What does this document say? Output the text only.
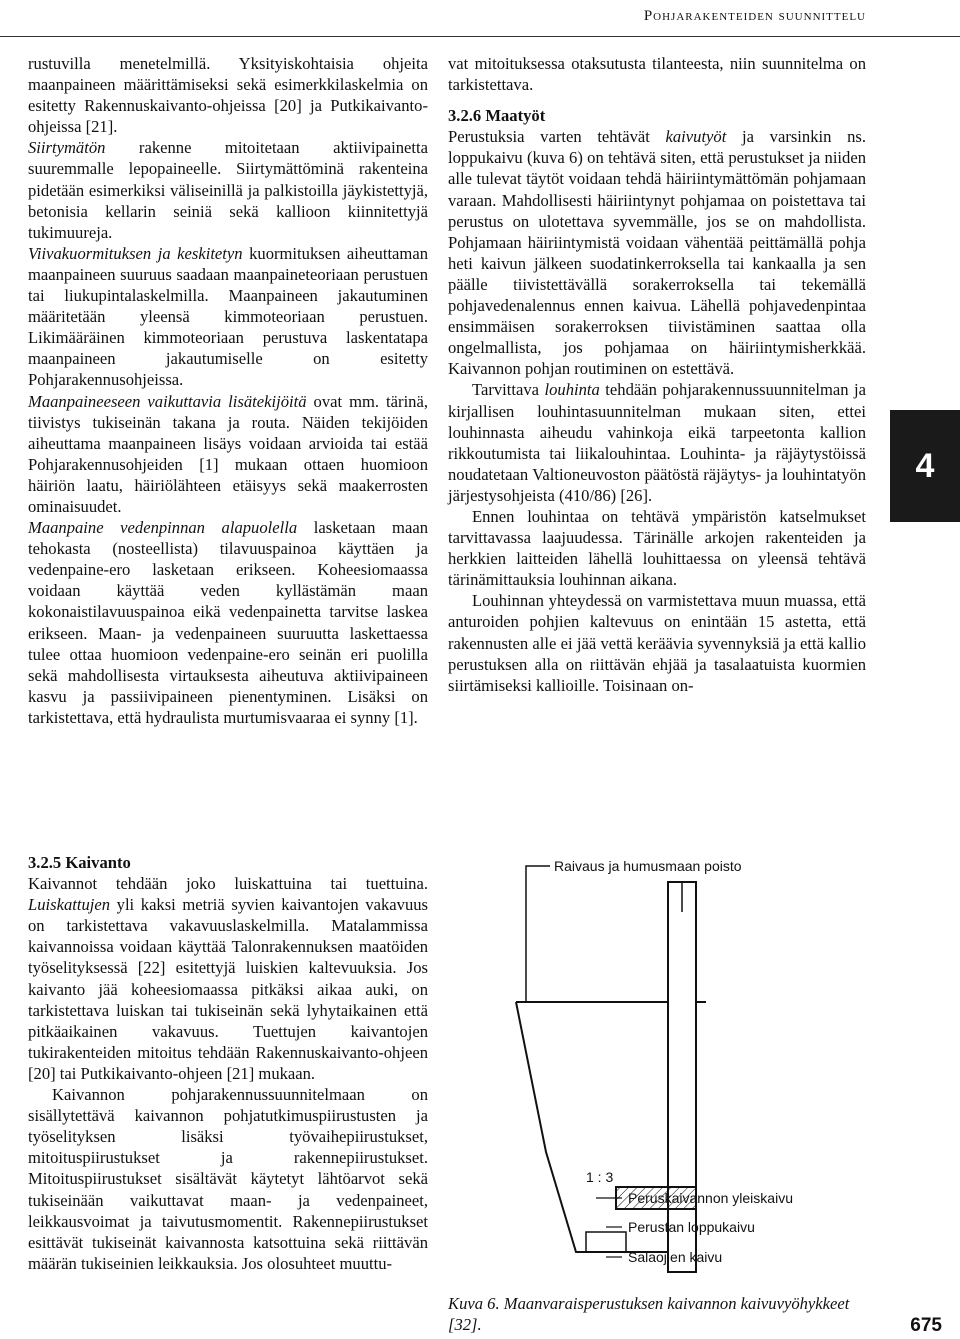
Pohjarakenteiden suunnittelu

rustuvilla menetelmillä. Yksityiskohtaisia ohjeita maanpaineen määrittämiseksi sekä esimerkkilaskelmia on esitetty Rakennuskaivanto-ohjeissa [20] ja Putkikaivanto-ohjeissa [21].

Siirtymätön rakenne mitoitetaan aktiivipainetta suuremmalle lepopaineelle. Siirtymättöminä rakenteina pidetään esimerkiksi väliseinillä ja palkistoilla jäykistettyjä, betonisia kellarin seiniä sekä kallioon kiinnitettyjä tukimuureja.

Viivakuormituksen ja keskitetyn kuormituksen aiheuttaman maanpaineen suuruus saadaan maanpaineteoriaan perustuen tai liukupintalaskelmilla. Maanpaineen jakautuminen määritetään yleensä kimmoteoriaan perustuen. Likimääräinen kimmoteoriaan perustuva laskentatapa maanpaineen jakautumiselle on esitetty Pohjarakennusohjeissa.

Maanpaineeseen vaikuttavia lisätekijöitä ovat mm. tärinä, tiivistys tukiseinän takana ja routa. Näiden tekijöiden aiheuttama maanpaineen lisäys voidaan arvioida tai estää Pohjarakennusohjeiden [1] mukaan ottaen huomioon häiriön laatu, häiriölähteen etäisyys sekä maakerrosten ominaisuudet.

Maanpaine vedenpinnan alapuolella lasketaan maan tehokasta (nosteellista) tilavuuspainoa käyttäen ja vedenpaine-ero lasketaan erikseen. Koheesiomaassa voidaan käyttää veden kyllästämän maan kokonaistilavuuspainoa eikä vedenpainetta tarvitse laskea erikseen. Maan- ja vedenpaineen suuruutta laskettaessa tulee ottaa huomioon vedenpaine-ero seinän eri puolilla sekä mahdollisesta virtauksesta aiheutuva aktiivipaineen kasvu ja passiivipaineen pienentyminen. Lisäksi on tarkistettava, että hydraulista murtumisvaaraa ei synny [1].

3.2.5 Kaivanto

Kaivannot tehdään joko luiskattuina tai tuettuina. Luiskattujen yli kaksi metriä syvien kaivantojen vakavuus on tarkistettava vakavuuslaskelmilla. Matalammissa kaivannoissa voidaan käyttää Talonrakennuksen maatöiden työselityksessä [22] esitettyjä luiskien kaltevuuksia. Jos kaivanto jää koheesiomaassa pitkäksi aikaa auki, on tarkistettava luiskan tai tukiseinän sekä lyhytaikainen että pitkäaikainen vakavuus. Tuettujen kaivantojen tukirakenteiden mitoitus tehdään Rakennuskaivanto-ohjeen [20] tai Putkikaivanto-ohjeen [21] mukaan.

Kaivannon pohjarakennussuunnitelmaan on sisällytettävä kaivannon pohjatutkimuspiirustusten ja työselityksen lisäksi työvaihepiirustukset, mitoituspiirustukset ja rakennepiirustukset. Mitoituspiirustukset sisältävät käytetyt lähtöarvot sekä tukiseinään vaikuttavat maan- ja vedenpaineet, leikkausvoimat ja taivutusmomentit. Rakennepiirustukset esittävät tukiseinät kaivannosta katsottuina sekä riittävän määrän tukiseinien leikkauksia. Jos olosuhteet muuttu-

vat mitoituksessa otaksutusta tilanteesta, niin suunnitelma on tarkistettava.

3.2.6 Maatyöt

Perustuksia varten tehtävät kaivutyöt ja varsinkin ns. loppukaivu (kuva 6) on tehtävä siten, että perustukset ja niiden alle tulevat täytöt voidaan tehdä häiriintymättömän pohjamaan varaan. Mahdollisesti häiriintynyt pohjamaa on poistettava tai perustus on ulotettava syvemmälle, jos se on mahdollista. Pohjamaan häiriintymistä voidaan vähentää peittämällä pohja heti kaivun jälkeen suodatinkerroksella tai kankaalla ja sen päälle tiivistettävällä sorakerroksella tai tekemällä pohjavedenalennus ennen kaivua. Lähellä pohjavedenpintaa ensimmäisen sorakerroksen tiivistäminen saattaa olla ongelmallista, jos pohjamaa on häiriintymisherkkää. Kaivannon pohjan routiminen on estettävä.

Tarvittava louhinta tehdään pohjarakennussuunnitelman ja kirjallisen louhintasuunnitelman mukaan siten, ettei louhinnasta aiheudu vahinkoja eikä tarpeetonta kallion rikkoutumista tai liikalouhintaa. Louhinta- ja räjäytystöissä noudatetaan Valtioneuvoston päätöstä räjäytys- ja louhintatyön järjestysohjeista (410/86) [26].

Ennen louhintaa on tehtävä ympäristön katselmukset tarvittavassa laajuudessa. Tärinälle arkojen rakenteiden ja herkkien laitteiden lähellä louhittaessa on yleensä tehtävä tärinämittauksia louhinnan aikana.

Louhinnan yhteydessä on varmistettava muun muassa, että anturoiden pohjien kaltevuus on enintään 15 astetta, että rakennusten alle ei jää vettä keräävia syvennyksiä ja että kallio perustuksen alla on riittävän ehjää ja tasalaatuista kuormien siirtämiseksi kallioille. Toisinaan on-

Raivaus ja humusmaan poisto
1 : 3
Peruskaivannon yleiskaivu
Perustan loppukaivu
Salaojien kaivu
Kuva 6. Maanvaraisperustuksen kaivannon kaivuvyöhykkeet [32].
4
675
